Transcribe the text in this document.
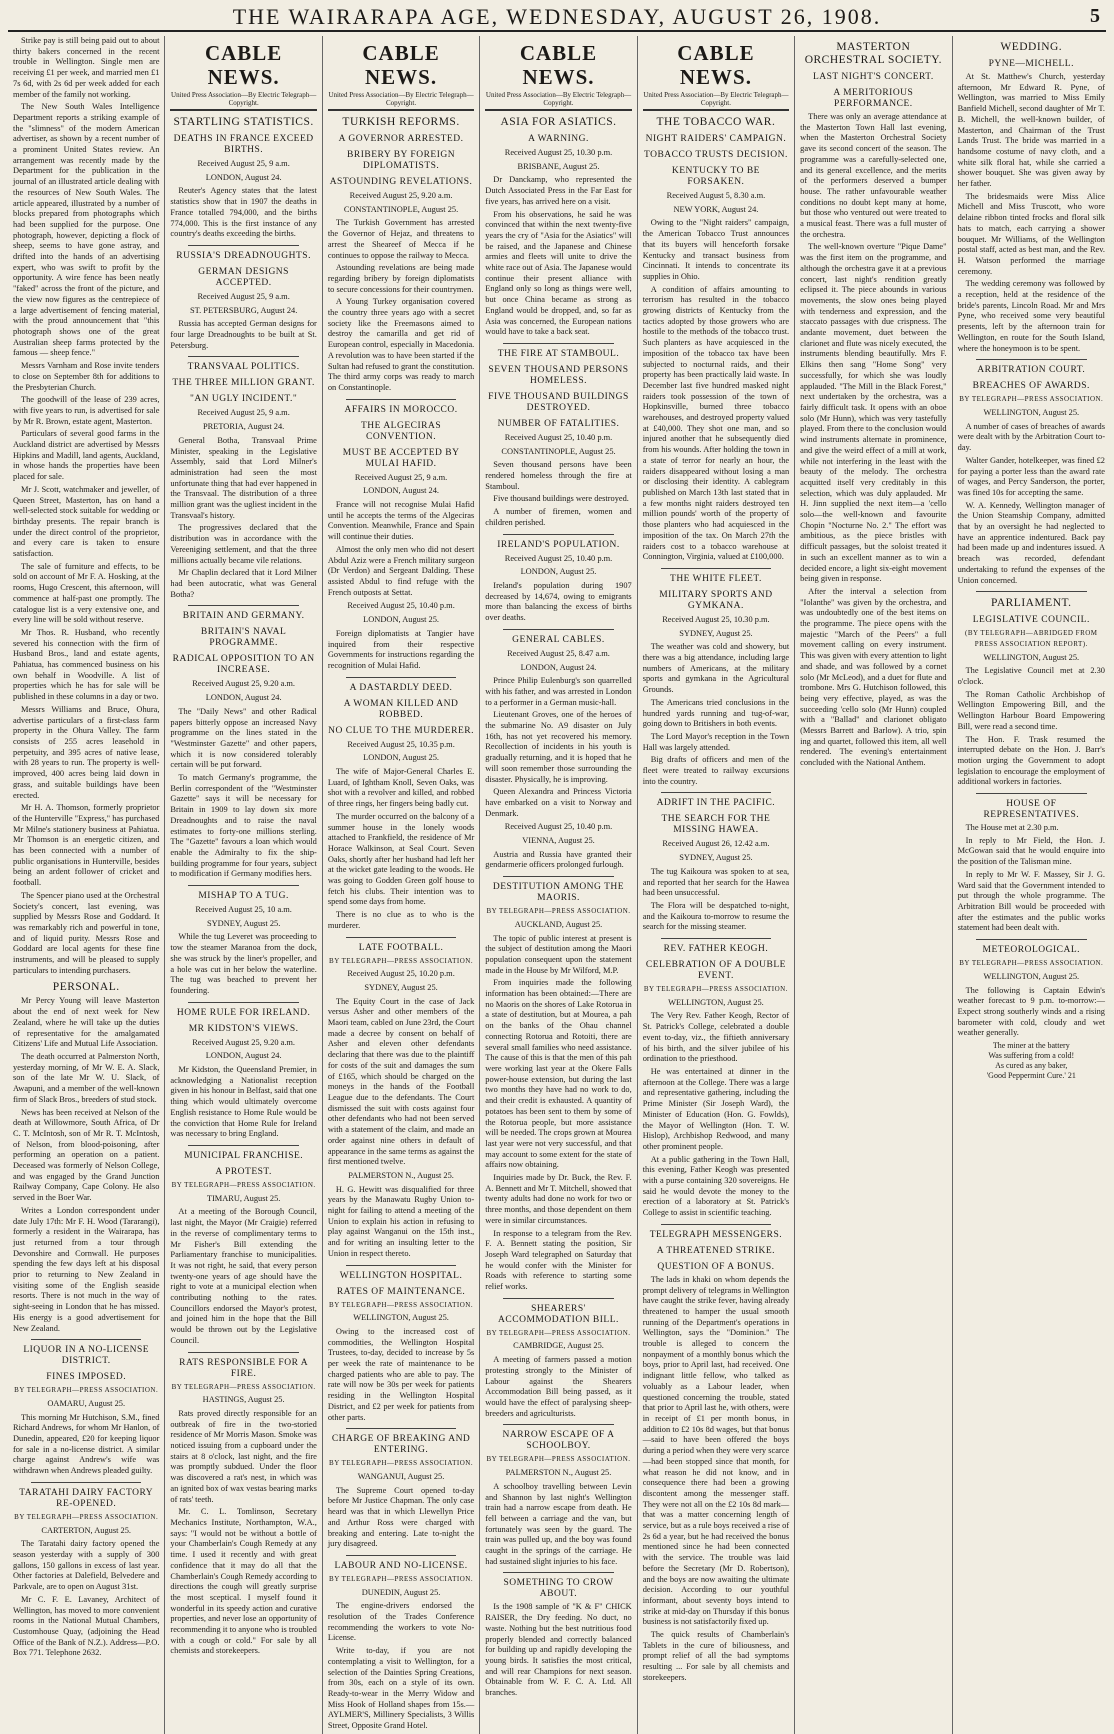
THE WAIRARAPA AGE, WEDNESDAY, AUGUST 26, 1908.	5

Strike pay is still being paid out to about thirty bakers concerned in the recent trouble in Wellington. Single men are receiving £1 per week, and married men £1 7s 6d, with 2s 6d per week added for each member of the family not working.

The New South Wales Intelligence Department reports a striking example of the "slimness" of the modern American advertiser, as shown by a recent number of a prominent United States review. An arrangement was recently made by the Department for the publication in the journal of an illustrated article dealing with the resources of New South Wales. The article appeared, illustrated by a number of blocks prepared from photographs which had been supplied for the purpose. One photograph, however, depicting a flock of sheep, seems to have gone astray, and drifted into the hands of an advertising expert, who was swift to profit by the opportunity. A wire fence has been neatly "faked" across the front of the picture, and the view now figures as the centrepiece of a large advertisement of fencing material, with the proud announcement that "this photograph shows one of the great Australian sheep farms protected by the famous — sheep fence."

Messrs Varnham and Rose invite tenders to close on September 8th for additions to the Presbyterian Church.

The goodwill of the lease of 239 acres, with five years to run, is advertised for sale by Mr R. Brown, estate agent, Masterton.

Particulars of several good farms in the Auckland district are advertised by Messrs Hipkins and Madill, land agents, Auckland, in whose hands the properties have been placed for sale.

Mr J. Scott, watchmaker and jeweller, of Queen Street, Masterton, has on hand a well-selected stock suitable for wedding or birthday presents. The repair branch is under the direct control of the proprietor, and every care is taken to ensure satisfaction.

The sale of furniture and effects, to be sold on account of Mr F. A. Hosking, at the rooms, Hugo Crescent, this afternoon, will commence at half-past one promptly. The catalogue list is a very extensive one, and every line will be sold without reserve.

Mr Thos. R. Husband, who recently severed his connection with the firm of Husband Bros., land and estate agents, Pahiatua, has commenced business on his own behalf in Woodville. A list of properties which he has for sale will be published in these columns in a day or two.

Messrs Williams and Bruce, Ohura, advertise particulars of a first-class farm property in the Ohura Valley. The farm consists of 255 acres leasehold in perpetuity, and 395 acres of native lease, with 28 years to run. The property is well-improved, 400 acres being laid down in grass, and suitable buildings have been erected.

Mr H. A. Thomson, formerly proprietor of the Hunterville "Express," has purchased Mr Milne's stationery business at Pahiatua. Mr Thomson is an energetic citizen, and has been connected with a number of public organisations in Hunterville, besides being an ardent follower of cricket and football.

The Spencer piano used at the Orchestral Society's concert, last evening, was supplied by Messrs Rose and Goddard. It was remarkably rich and powerful in tone, and of liquid purity. Messrs Rose and Goddard are local agents for these fine instruments, and will be pleased to supply particulars to intending purchasers.

PERSONAL.

Mr Percy Young will leave Masterton about the end of next week for New Zealand, where he will take up the duties of representative for the amalgamated Citizens' Life and Mutual Life Association.

The death occurred at Palmerston North, yesterday morning, of Mr W. E. A. Slack, son of the late Mr W. U. Slack, of Awapuni, and a member of the well-known firm of Slack Bros., breeders of stud stock.

News has been received at Nelson of the death at Willowmore, South Africa, of Dr C. T. McIntosh, son of Mr R. T. McIntosh, of Nelson, from blood-poisoning, after performing an operation on a patient. Deceased was formerly of Nelson College, and was engaged by the Grand Junction Railway Company, Cape Colony. He also served in the Boer War.

Writes a London correspondent under date July 17th: Mr F. H. Wood (Tararangi), formerly a resident in the Wairarapa, has just returned from a tour through Devonshire and Cornwall. He purposes spending the few days left at his disposal prior to returning to New Zealand in visiting some of the English seaside resorts. There is not much in the way of sight-seeing in London that he has missed. His energy is a good advertisement for New Zealand.

LIQUOR IN A NO-LICENSE DISTRICT.
FINES IMPOSED.
BY TELEGRAPH—PRESS ASSOCIATION.
OAMARU, August 25.

This morning Mr Hutchison, S.M., fined Richard Andrews, for whom Mr Hanlon, of Dunedin, appeared, £20 for keeping liquor for sale in a no-license district. A similar charge against Andrew's wife was withdrawn when Andrews pleaded guilty.

TARATAHI DAIRY FACTORY RE-OPENED.
BY TELEGRAPH—PRESS ASSOCIATION.
CARTERTON, August 25.

The Taratahi dairy factory opened the season yesterday with a supply of 300 gallons, 150 gallons in excess of last year. Other factories at Dalefield, Belvedere and Parkvale, are to open on August 31st.

Mr C. F. E. Lavaney, Architect of Wellington, has moved to more convenient rooms in the National Mutual Chambers, Customhouse Quay, (adjoining the Head Office of the Bank of N.Z.). Address—P.O. Box 771. Telephone 2632.

CABLE NEWS.
United Press Association—By Electric Telegraph—Copyright.
STARTLING STATISTICS.
DEATHS IN FRANCE EXCEED BIRTHS.
Received August 25, 9 a.m.
LONDON, August 24.

Reuter's Agency states that the latest statistics show that in 1907 the deaths in France totalled 794,000, and the births 774,000. This is the first instance of any country's deaths exceeding the births.

RUSSIA'S DREADNOUGHTS.
GERMAN DESIGNS ACCEPTED.
Received August 25, 9 a.m.
ST. PETERSBURG, August 24.

Russia has accepted German designs for four large Dreadnoughts to be built at St. Petersburg.

TRANSVAAL POLITICS.
THE THREE MILLION GRANT.
"AN UGLY INCIDENT."
Received August 25, 9 a.m.
PRETORIA, August 24.

General Botha, Transvaal Prime Minister, speaking in the Legislative Assembly, said that Lord Milner's administration had seen the most unfortunate thing that had ever happened in the Transvaal. The distribution of a three million grant was the ugliest incident in the Transvaal's history.

The progressives declared that the distribution was in accordance with the Vereeniging settlement, and that the three millions actually became vile relations.

Mr Chaplin declared that it Lord Milner had been autocratic, what was General Botha?

BRITAIN AND GERMANY.
BRITAIN'S NAVAL PROGRAMME.
RADICAL OPPOSITION TO AN INCREASE.
Received August 25, 9.20 a.m.
LONDON, August 24.

The "Daily News" and other Radical papers bitterly oppose an increased Navy programme on the lines stated in the "Westminster Gazette" and other papers, which it is now considered tolerably certain will be put forward.

To match Germany's programme, the Berlin correspondent of the "Westminster Gazette" says it will be necessary for Britain in 1909 to lay down six more Dreadnoughts and to raise the naval estimates to forty-one millions sterling. The "Gazette" favours a loan which would enable the Admiralty to fix the ship-building programme for four years, subject to modification if Germany modifies hers.

MISHAP TO A TUG.
Received August 25, 10 a.m.
SYDNEY, August 25.

While the tug Leveret was proceeding to tow the steamer Maranoa from the dock, she was struck by the liner's propeller, and a hole was cut in her below the waterline. The tug was beached to prevent her foundering.

HOME RULE FOR IRELAND.
MR KIDSTON'S VIEWS.
Received August 25, 9.20 a.m.
LONDON, August 24.

Mr Kidston, the Queensland Premier, in acknowledging a Nationalist reception given in his honour in Belfast, said that one thing which would ultimately overcome English resistance to Home Rule would be the conviction that Home Rule for Ireland was necessary to bring England.

MUNICIPAL FRANCHISE.
A PROTEST.
BY TELEGRAPH—PRESS ASSOCIATION.
TIMARU, August 25.

At a meeting of the Borough Council, last night, the Mayor (Mr Craigie) referred in the reverse of complimentary terms to Mr Fisher's Bill extending the Parliamentary franchise to municipalities. It was not right, he said, that every person twenty-one years of age should have the right to vote at a municipal election when contributing nothing to the rates. Councillors endorsed the Mayor's protest, and joined him in the hope that the Bill would be thrown out by the Legislative Council.

RATS RESPONSIBLE FOR A FIRE.
BY TELEGRAPH—PRESS ASSOCIATION.
HASTINGS, August 25.

Rats proved directly responsible for an outbreak of fire in the two-storied residence of Mr Morris Mason. Smoke was noticed issuing from a cupboard under the stairs at 8 o'clock, last night, and the fire was promptly subdued. Under the floor was discovered a rat's nest, in which was an ignited box of wax vestas bearing marks of rats' teeth.

Mr. C. L. Tomlinson, Secretary Mechanics Institute, Northampton, W.A., says: "I would not be without a bottle of your Chamberlain's Cough Remedy at any time. I used it recently and with great confidence that it may do all that the Chamberlain's Cough Remedy according to directions the cough will greatly surprise the most sceptical. I myself found it wonderful in its speedy action and curative properties, and never lose an opportunity of recommending it to anyone who is troubled with a cough or cold." For sale by all chemists and storekeepers.

CABLE NEWS.
United Press Association—By Electric Telegraph—Copyright.
TURKISH REFORMS.
A GOVERNOR ARRESTED.
BRIBERY BY FOREIGN DIPLOMATISTS.
ASTOUNDING REVELATIONS.
Received August 25, 9.20 a.m.
CONSTANTINOPLE, August 25.

The Turkish Government has arrested the Governor of Hejaz, and threatens to arrest the Sheareef of Mecca if he continues to oppose the railway to Mecca.

Astounding revelations are being made regarding bribery by foreign diplomatists to secure concessions for their countrymen.

A Young Turkey organisation covered the country three years ago with a secret society like the Freemasons aimed to destroy the camarilla and get rid of European control, especially in Macedonia. A revolution was to have been started if the Sultan had refused to grant the constitution. The third army corps was ready to march on Constantinople.

AFFAIRS IN MOROCCO.
THE ALGECIRAS CONVENTION.
MUST BE ACCEPTED BY MULAI HAFID.
Received August 25, 9 a.m.
LONDON, August 24.

France will not recognise Mulai Hafid until he accepts the terms of the Algeciras Convention. Meanwhile, France and Spain will continue their duties.

Almost the only men who did not desert Abdul Aziz were a French military surgeon (Dr Verdon) and Sergeant Dalding. These assisted Abdul to find refuge with the French outposts at Settat.

Received August 25, 10.40 p.m.
LONDON, August 25.

Foreign diplomatists at Tangier have inquired from their respective Governments for instructions regarding the recognition of Mulai Hafid.

A DASTARDLY DEED.
A WOMAN KILLED AND ROBBED.
NO CLUE TO THE MURDERER.
Received August 25, 10.35 p.m.
LONDON, August 25.

The wife of Major-General Charles E. Luard, of Ightham Knoll, Seven Oaks, was shot with a revolver and killed, and robbed of three rings, her fingers being badly cut.

The murder occurred on the balcony of a summer house in the lonely woods attached to Frankfield, the residence of Mr Horace Walkinson, at Seal Court. Seven Oaks, shortly after her husband had left her at the wicket gate leading to the woods. He was going to Godden Green golf house to fetch his clubs. Their intention was to spend some days from home.

There is no clue as to who is the murderer.

LATE FOOTBALL.
BY TELEGRAPH—PRESS ASSOCIATION.
Received August 25, 10.20 p.m.
SYDNEY, August 25.

The Equity Court in the case of Jack versus Asher and other members of the Maori team, cabled on June 23rd, the Court made a decree by consent on behalf of Asher and eleven other defendants declaring that there was due to the plaintiff for costs of the suit and damages the sum of £165, which should be charged on the moneys in the hands of the Football League due to the defendants. The Court dismissed the suit with costs against four other defendants who had not been served with a statement of the claim, and made an order against nine others in default of appearance in the same terms as against the first mentioned twelve.

PALMERSTON N., August 25.

H. G. Hewitt was disqualified for three years by the Manawatu Rugby Union to-night for failing to attend a meeting of the Union to explain his action in refusing to play against Wanganui on the 15th inst., and for writing an insulting letter to the Union in respect thereto.

WELLINGTON HOSPITAL.
RATES OF MAINTENANCE.
BY TELEGRAPH—PRESS ASSOCIATION.
WELLINGTON, August 25.

Owing to the increased cost of commodities, the Wellington Hospital Trustees, to-day, decided to increase by 5s per week the rate of maintenance to be charged patients who are able to pay. The rate will now be 30s per week for patients residing in the Wellington Hospital District, and £2 per week for patients from other parts.

CHARGE OF BREAKING AND ENTERING.
BY TELEGRAPH—PRESS ASSOCIATION.
WANGANUI, August 25.

The Supreme Court opened to-day before Mr Justice Chapman. The only case heard was that in which Llewellyn Price and Arthur Ross were charged with breaking and entering. Late to-night the jury disagreed.

LABOUR AND NO-LICENSE.
BY TELEGRAPH—PRESS ASSOCIATION.
DUNEDIN, August 25.

The engine-drivers endorsed the resolution of the Trades Conference recommending the workers to vote No-License.

Write to-day, if you are not contemplating a visit to Wellington, for a selection of the Dainties Spring Creations, from 30s, each on a style of its own. Ready-to-wear in the Merry Widow and Miss Hook of Holland shapes from 15s.—AYLMER'S, Millinery Specialists, 3 Willis Street, Opposite Grand Hotel.

CABLE NEWS.
United Press Association—By Electric Telegraph—Copyright.
ASIA FOR ASIATICS.
A WARNING.
Received August 25, 10.30 p.m.
BRISBANE, August 25.

Dr Danckamp, who represented the Dutch Associated Press in the Far East for five years, has arrived here on a visit.

From his observations, he said he was convinced that within the next twenty-five years the cry of "Asia for the Asiatics" will be raised, and the Japanese and Chinese armies and fleets will unite to drive the white race out of Asia. The Japanese would continue their present alliance with England only so long as things were well, but once China became as strong as England would be dropped, and, so far as Asia was concerned, the European nations would have to take a back seat.

THE FIRE AT STAMBOUL.
SEVEN THOUSAND PERSONS HOMELESS.
FIVE THOUSAND BUILDINGS DESTROYED.
NUMBER OF FATALITIES.
Received August 25, 10.40 p.m.
CONSTANTINOPLE, August 25.

Seven thousand persons have been rendered homeless through the fire at Stamboul.

Five thousand buildings were destroyed.

A number of firemen, women and children perished.

IRELAND'S POPULATION.
Received August 25, 10.40 p.m.
LONDON, August 25.

Ireland's population during 1907 decreased by 14,674, owing to emigrants more than balancing the excess of births over deaths.

GENERAL CABLES.
Received August 25, 8.47 a.m.
LONDON, August 24.

Prince Philip Eulenburg's son quarrelled with his father, and was arrested in London to a performer in a German music-hall.

Lieutenant Groves, one of the heroes of the submarine No. A9 disaster on July 16th, has not yet recovered his memory. Recollection of incidents in his youth is gradually returning, and it is hoped that he will soon remember those surrounding the disaster. Physically, he is improving.

Queen Alexandra and Princess Victoria have embarked on a visit to Norway and Denmark.

Received August 25, 10.40 p.m.
VIENNA, August 25.

Austria and Russia have granted their gendarmerie officers prolonged furlough.

DESTITUTION AMONG THE MAORIS.
BY TELEGRAPH—PRESS ASSOCIATION.
AUCKLAND, August 25.

The topic of public interest at present is the subject of destitution among the Maori population consequent upon the statement made in the House by Mr Wilford, M.P.

From inquiries made the following information has been obtained:—There are no Maoris on the shores of Lake Rotorua in a state of destitution, but at Mourea, a pah on the banks of the Ohau channel connecting Rotorua and Rotoiti, there are several small families who need assistance. The cause of this is that the men of this pah were working last year at the Okere Falls power-house extension, but during the last two months they have had no work to do, and their credit is exhausted. A quantity of potatoes has been sent to them by some of the Rotorua people, but more assistance will be needed. The crops grown at Mourea last year were not very successful, and that may account to some extent for the state of affairs now obtaining.

Inquiries made by Dr. Buck, the Rev. F. A. Bennett and Mr T. Mitchell, showed that twenty adults had done no work for two or three months, and those dependent on them were in similar circumstances.

In response to a telegram from the Rev. F. A. Bennett stating the position, Sir Joseph Ward telegraphed on Saturday that he would confer with the Minister for Roads with reference to starting some relief works.

SHEARERS' ACCOMMODATION BILL.
BY TELEGRAPH—PRESS ASSOCIATION.
CAMBRIDGE, August 25.

A meeting of farmers passed a motion protesting strongly to the Minister of Labour against the Shearers Accommodation Bill being passed, as it would have the effect of paralysing sheep-breeders and agriculturists.

NARROW ESCAPE OF A SCHOOLBOY.
BY TELEGRAPH—PRESS ASSOCIATION.
PALMERSTON N., August 25.

A schoolboy travelling between Levin and Shannon by last night's Wellington train had a narrow escape from death. He fell between a carriage and the van, but fortunately was seen by the guard. The train was pulled up, and the boy was found caught in the springs of the carriage. He had sustained slight injuries to his face.

SOMETHING TO CROW ABOUT.

Is the 1908 sample of "K & F" CHICK RAISER, the Dry feeding. No duct, no waste. Nothing but the best nutritious food properly blended and correctly balanced for building up and rapidly developing the young birds. It satisfies the most critical, and will rear Champions for next season. Obtainable from W. F. C. A. Ltd. All branches.

CABLE NEWS.
United Press Association—By Electric Telegraph—Copyright.
THE TOBACCO WAR.
NIGHT RAIDERS' CAMPAIGN.
TOBACCO TRUSTS DECISION.
KENTUCKY TO BE FORSAKEN.
Received August 5, 8.30 a.m.
NEW YORK, August 24.

Owing to the "Night raiders" campaign, the American Tobacco Trust announces that its buyers will henceforth forsake Kentucky and transact business from Cincinnati. It intends to concentrate its supplies in Ohio.

A condition of affairs amounting to terrorism has resulted in the tobacco growing districts of Kentucky from the tactics adopted by those growers who are hostile to the methods of the tobacco trust. Such planters as have acquiesced in the imposition of the tobacco tax have been subjected to nocturnal raids, and their property has been practically laid waste. In December last five hundred masked night raiders took possession of the town of Hopkinsville, burned three tobacco warehouses, and destroyed property valued at £40,000. They shot one man, and so injured another that he subsequently died from his wounds. After holding the town in a state of terror for nearly an hour, the raiders disappeared without losing a man or disclosing their identity. A cablegram published on March 13th last stated that in a few months night raiders destroyed ten million pounds' worth of the property of those planters who had acquiesced in the imposition of the tax. On March 27th the raiders cost to a tobacco warehouse at Connington, Virginia, valued at £100,000.

THE WHITE FLEET.
MILITARY SPORTS AND GYMKANA.
Received August 25, 10.30 p.m.
SYDNEY, August 25.

The weather was cold and showery, but there was a big attendance, including large numbers of Americans, at the military sports and gymkana in the Agricultural Grounds.

The Americans tried conclusions in the hundred yards running and tug-of-war, going down to Britishers in both events.

The Lord Mayor's reception in the Town Hall was largely attended.

Big drafts of officers and men of the fleet were treated to railway excursions into the country.

ADRIFT IN THE PACIFIC.
THE SEARCH FOR THE MISSING HAWEA.
Received August 26, 12.42 a.m.
SYDNEY, August 25.

The tug Kaikoura was spoken to at sea, and reported that her search for the Hawea had been unsuccessful.

The Flora will be despatched to-night, and the Kaikoura to-morrow to resume the search for the missing steamer.

REV. FATHER KEOGH.
CELEBRATION OF A DOUBLE EVENT.
BY TELEGRAPH—PRESS ASSOCIATION.
WELLINGTON, August 25.

The Very Rev. Father Keogh, Rector of St. Patrick's College, celebrated a double event to-day, viz., the fiftieth anniversary of his birth, and the silver jubilee of his ordination to the priesthood.

He was entertained at dinner in the afternoon at the College. There was a large and representative gathering, including the Prime Minister (Sir Joseph Ward), the Minister of Education (Hon. G. Fowlds), the Mayor of Wellington (Hon. T. W. Hislop), Archbishop Redwood, and many other prominent people.

At a public gathering in the Town Hall, this evening, Father Keogh was presented with a purse containing 320 sovereigns. He said he would devote the money to the erection of a laboratory at St. Patrick's College to assist in scientific teaching.

TELEGRAPH MESSENGERS.
A THREATENED STRIKE.
QUESTION OF A BONUS.

The lads in khaki on whom depends the prompt delivery of telegrams in Wellington have caught the strike fever, having already threatened to hamper the usual smooth running of the Department's operations in Wellington, says the "Dominion." The trouble is alleged to concern the nonpayment of a monthly bonus which the boys, prior to April last, had received. One indignant little fellow, who talked as voluably as a Labour leader, when questioned concerning the trouble, stated that prior to April last he, with others, were in receipt of £1 per month bonus, in addition to £2 10s 8d wages, but that bonus—said to have been offered the boys during a period when they were very scarce—had been stopped since that month, for what reason he did not know, and in consequence there had been a growing discontent among the messenger staff. They were not all on the £2 10s 8d mark—that was a matter concerning length of service, but as a rule boys received a rise of 2s 6d a year, but he had received the bonus mentioned since he had been connected with the service. The trouble was laid before the Secretary (Mr D. Robertson), and the boys are now awaiting the ultimate decision. According to our youthful informant, about seventy boys intend to strike at mid-day on Thursday if this bonus business is not satisfactorily fixed up.

The quick results of Chamberlain's Tablets in the cure of biliousness, and prompt relief of all the bad symptoms resulting ... For sale by all chemists and storekeepers.

MASTERTON ORCHESTRAL SOCIETY.
LAST NIGHT'S CONCERT.
A MERITORIOUS PERFORMANCE.

There was only an average attendance at the Masterton Town Hall last evening, when the Masterton Orchestral Society gave its second concert of the season. The programme was a carefully-selected one, and its general excellence, and the merits of the performers deserved a bumper house. The rather unfavourable weather conditions no doubt kept many at home, but those who ventured out were treated to a musical feast. There was a full muster of the orchestra.

The well-known overture "Pique Dame" was the first item on the programme, and although the orchestra gave it at a previous concert, last night's rendition greatly eclipsed it. The piece abounds in various movements, the slow ones being played with tenderness and expression, and the staccato passages with due crispness. The andante movement, duet between the clarionet and flute was nicely executed, the instruments blending beautifully. Mrs F. Elkins then sang "Home Song" very successfully, for which she was loudly applauded. "The Mill in the Black Forest," next undertaken by the orchestra, was a fairly difficult task. It opens with an oboe solo (Mr Hunn), which was very tastefully played. From there to the conclusion would wind instruments alternate in prominence, and give the weird effect of a mill at work, while not interfering in the least with the beauty of the melody. The orchestra acquitted itself very creditably in this selection, which was duly applauded. Mr H. Jinn supplied the next item—a 'cello solo—the well-known and favourite Chopin "Nocturne No. 2." The effort was ambitious, as the piece bristles with difficult passages, but the soloist treated it in such an excellent manner as to win a decided encore, a light six-eight movement being given in response.

After the interval a selection from "Iolanthe" was given by the orchestra, and was undoubtedly one of the best items on the programme. The piece opens with the majestic "March of the Peers" a full movement calling on every instrument. This was given with every attention to light and shade, and was followed by a cornet solo (Mr McLeod), and a duet for flute and trombone. Mrs G. Hutchison followed, this being very effective, played, as was the succeeding 'cello solo (Mr Hunn) coupled with a "Ballad" and clarionet obligato (Messrs Barrett and Barlow). A trio, spin ing and quartet, followed this item, all well rendered. The evening's entertainment concluded with the National Anthem.

WEDDING.
PYNE—MICHELL.

At St. Matthew's Church, yesterday afternoon, Mr Edward R. Pyne, of Wellington, was married to Miss Emily Banfield Michell, second daughter of Mr T. B. Michell, the well-known builder, of Masterton, and Chairman of the Trust Lands Trust. The bride was married in a handsome costume of navy cloth, and a white silk floral hat, while she carried a shower bouquet. She was given away by her father.

The bridesmaids were Miss Alice Michell and Miss Truscott, who wore delaine ribbon tinted frocks and floral silk hats to match, each carrying a shower bouquet. Mr Williams, of the Wellington postal staff, acted as best man, and the Rev. H. Watson performed the marriage ceremony.

The wedding ceremony was followed by a reception, held at the residence of the bride's parents, Lincoln Road. Mr and Mrs Pyne, who received some very beautiful presents, left by the afternoon train for Wellington, en route for the South Island, where the honeymoon is to be spent.

ARBITRATION COURT.
BREACHES OF AWARDS.
BY TELEGRAPH—PRESS ASSOCIATION.
WELLINGTON, August 25.

A number of cases of breaches of awards were dealt with by the Arbitration Court to-day.

Walter Gander, hotelkeeper, was fined £2 for paying a porter less than the award rate of wages, and Percy Sanderson, the porter, was fined 10s for accepting the same.

W. A. Kennedy, Wellington manager of the Union Steamship Company, admitted that by an oversight he had neglected to have an apprentice indentured. Back pay had been made up and indentures issued. A breach was recorded, defendant undertaking to refund the expenses of the Union concerned.

PARLIAMENT.
LEGISLATIVE COUNCIL.
(BY TELEGRAPH—ABRIDGED FROM PRESS ASSOCIATION REPORT).
WELLINGTON, August 25.

The Legislative Council met at 2.30 o'clock.

The Roman Catholic Archbishop of Wellington Empowering Bill, and the Wellington Harbour Board Empowering Bill, were read a second time.

The Hon. F. Trask resumed the interrupted debate on the Hon. J. Barr's motion urging the Government to adopt legislation to encourage the employment of additional workers in factories.

HOUSE OF REPRESENTATIVES.

The House met at 2.30 p.m.

In reply to Mr Field, the Hon. J. McGowan said that he would enquire into the position of the Talisman mine.

In reply to Mr W. F. Massey, Sir J. G. Ward said that the Government intended to put through the whole programme. The Arbitration Bill would be proceeded with after the estimates and the public works statement had been dealt with.

METEOROLOGICAL.
BY TELEGRAPH—PRESS ASSOCIATION.
WELLINGTON, August 25.

The following is Captain Edwin's weather forecast to 9 p.m. to-morrow:—Expect strong southerly winds and a rising barometer with cold, cloudy and wet weather generally.

The miner at the battery
Was suffering from a cold!
As cured as any baker,
'Good Peppermint Cure.' 21
